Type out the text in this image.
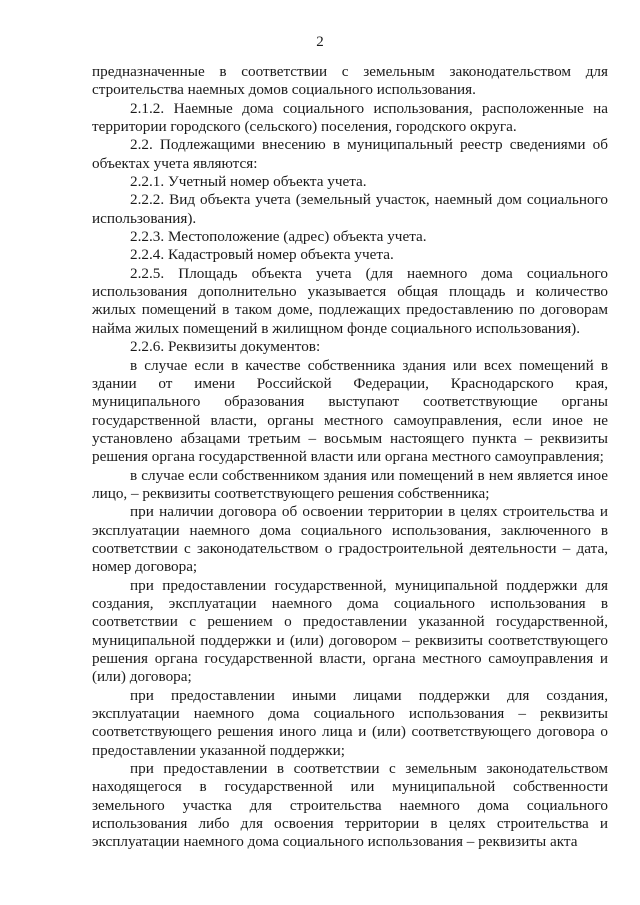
2

предназначенные в соответствии с земельным законодательством для строительства наемных домов социального использования.

2.1.2. Наемные дома социального использования, расположенные на территории городского (сельского) поселения, городского округа.

2.2. Подлежащими внесению в муниципальный реестр сведениями об объектах учета являются:

2.2.1. Учетный номер объекта учета.

2.2.2. Вид объекта учета (земельный участок, наемный дом социального использования).

2.2.3. Местоположение (адрес) объекта учета.

2.2.4. Кадастровый номер объекта учета.

2.2.5. Площадь объекта учета (для наемного дома социального использования дополнительно указывается общая площадь и количество жилых помещений в таком доме, подлежащих предоставлению по договорам найма жилых помещений в жилищном фонде социального использования).

2.2.6. Реквизиты документов:

в случае если в качестве собственника здания или всех помещений в здании от имени Российской Федерации, Краснодарского края, муниципального образования выступают соответствующие органы государственной власти, органы местного самоуправления, если иное не установлено абзацами третьим – восьмым настоящего пункта – реквизиты решения органа государственной власти или органа местного самоуправления;

в случае если собственником здания или помещений в нем является иное лицо, – реквизиты соответствующего решения собственника;

при наличии договора об освоении территории в целях строительства и эксплуатации наемного дома социального использования, заключенного в соответствии с законодательством о градостроительной деятельности – дата, номер договора;

при предоставлении государственной, муниципальной поддержки для создания, эксплуатации наемного дома социального использования в соответствии с решением о предоставлении указанной государственной, муниципальной поддержки и (или) договором – реквизиты соответствующего решения органа государственной власти, органа местного самоуправления и (или) договора;

при предоставлении иными лицами поддержки для создания, эксплуатации наемного дома социального использования – реквизиты соответствующего решения иного лица и (или) соответствующего договора о предоставлении указанной поддержки;

при предоставлении в соответствии с земельным законодательством находящегося в государственной или муниципальной собственности земельного участка для строительства наемного дома социального использования либо для освоения территории в целях строительства и эксплуатации наемного дома социального использования – реквизиты акта
